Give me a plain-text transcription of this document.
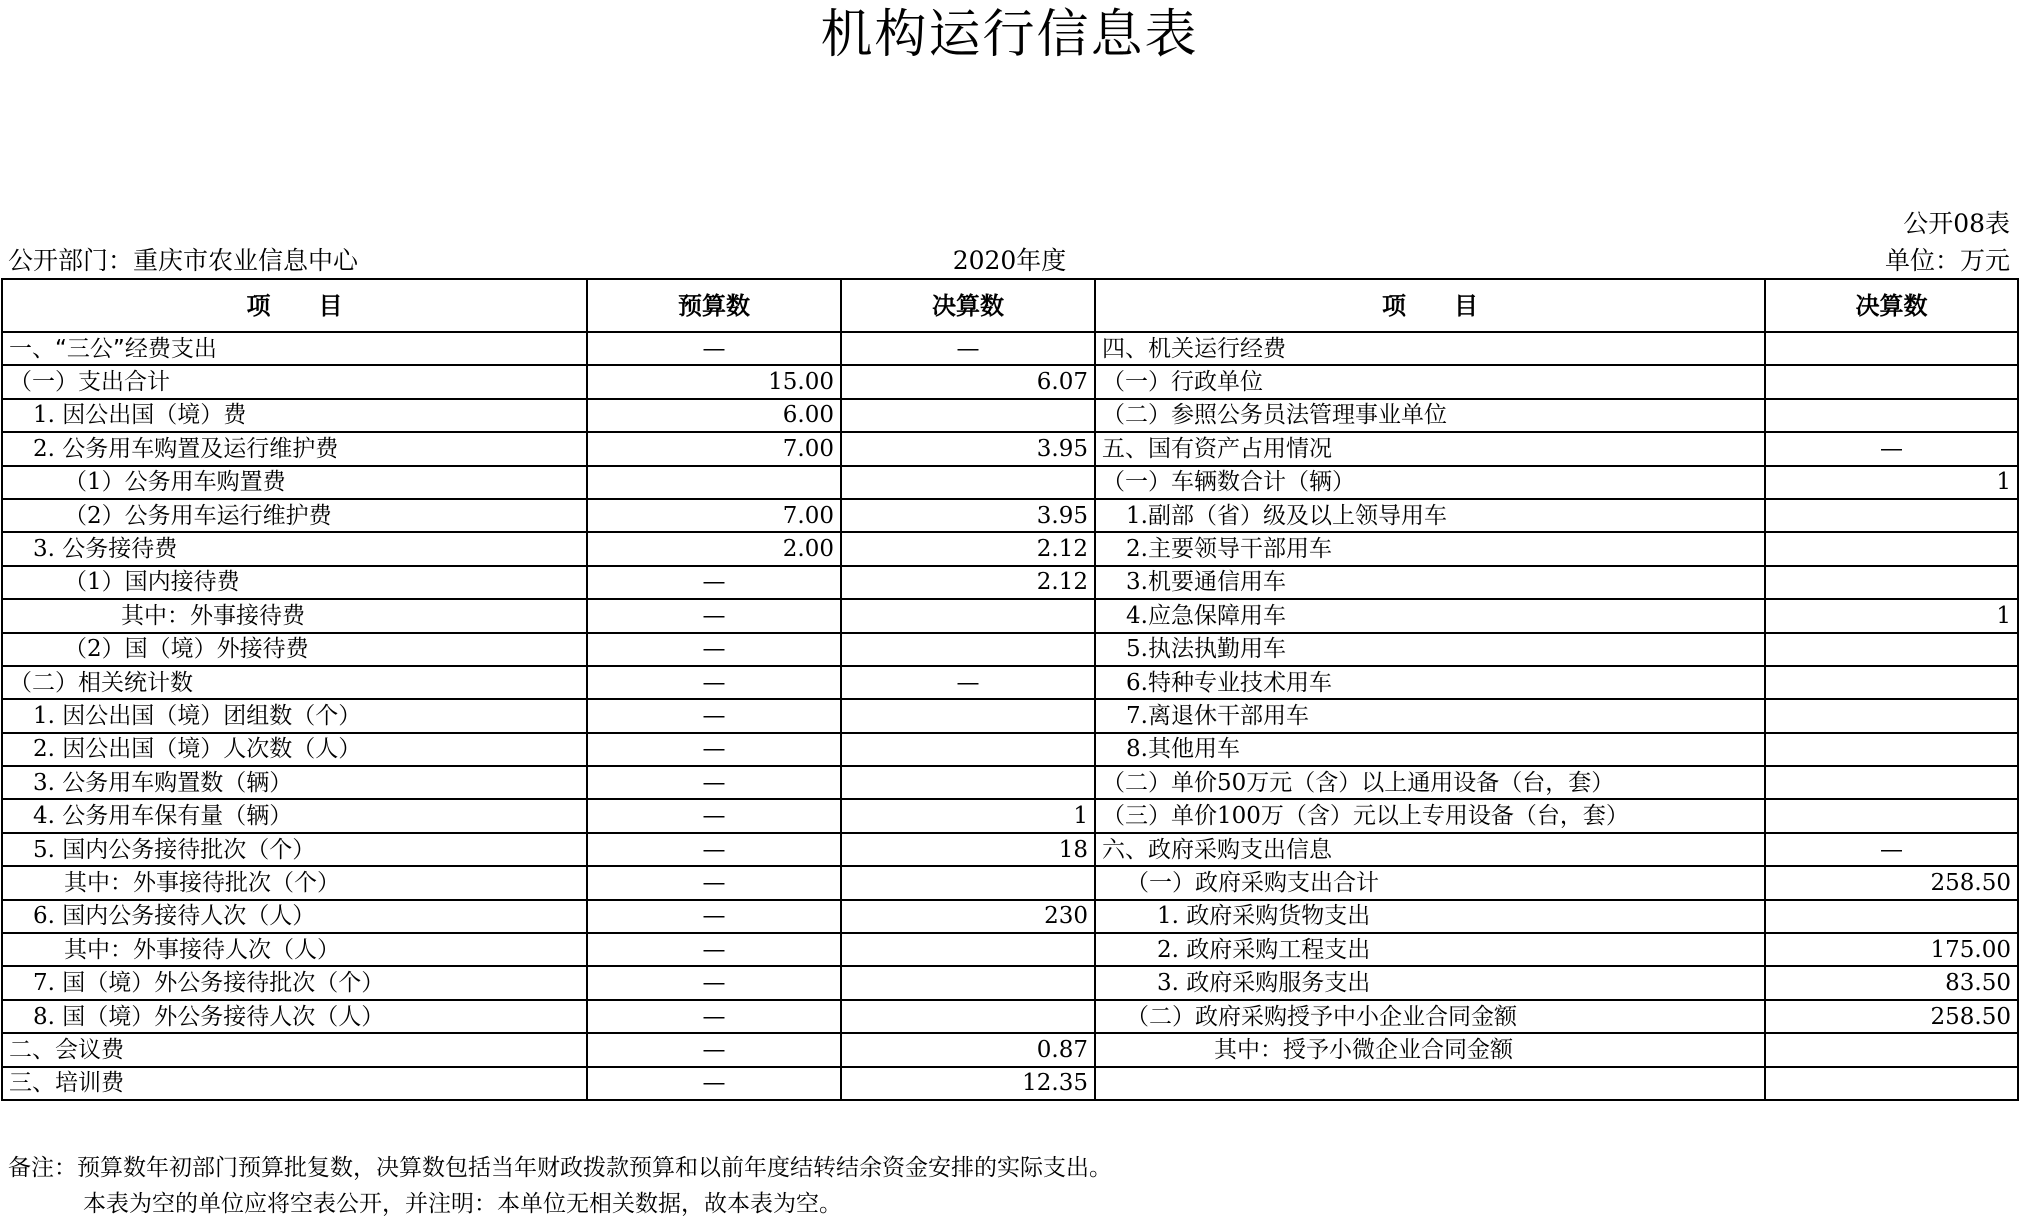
机构运行信息表
公开08表
公开部门：重庆市农业信息中心	2020年度	单位：万元
项　　目	预算数	决算数	项　　目	决算数
一、“三公”经费支出	—	—	四、机关运行经费	
（一）支出合计	15.00	6.07	（一）行政单位	
1. 因公出国（境）费	6.00		（二）参照公务员法管理事业单位	
2. 公务用车购置及运行维护费	7.00	3.95	五、国有资产占用情况	—
（1）公务用车购置费			（一）车辆数合计（辆）	1
（2）公务用车运行维护费	7.00	3.95	1.副部（省）级及以上领导用车	
3. 公务接待费	2.00	2.12	2.主要领导干部用车	
（1）国内接待费	—	2.12	3.机要通信用车	
其中：外事接待费	—		4.应急保障用车	1
（2）国（境）外接待费	—		5.执法执勤用车	
（二）相关统计数	—	—	6.特种专业技术用车	
1. 因公出国（境）团组数（个）	—		7.离退休干部用车	
2. 因公出国（境）人次数（人）	—		8.其他用车	
3. 公务用车购置数（辆）	—		（二）单价50万元（含）以上通用设备（台，套）	
4. 公务用车保有量（辆）	—	1	（三）单价100万（含）元以上专用设备（台，套）	
5. 国内公务接待批次（个）	—	18	六、政府采购支出信息	—
其中：外事接待批次（个）	—		（一）政府采购支出合计	258.50
6. 国内公务接待人次（人）	—	230	1. 政府采购货物支出	
其中：外事接待人次（人）	—		2. 政府采购工程支出	175.00
7. 国（境）外公务接待批次（个）	—		3. 政府采购服务支出	83.50
8. 国（境）外公务接待人次（人）	—		（二）政府采购授予中小企业合同金额	258.50
二、会议费	—	0.87	其中：授予小微企业合同金额	
三、培训费	—	12.35		
备注：预算数年初部门预算批复数，决算数包括当年财政拨款预算和以前年度结转结余资金安排的实际支出。
本表为空的单位应将空表公开，并注明：本单位无相关数据，故本表为空。
